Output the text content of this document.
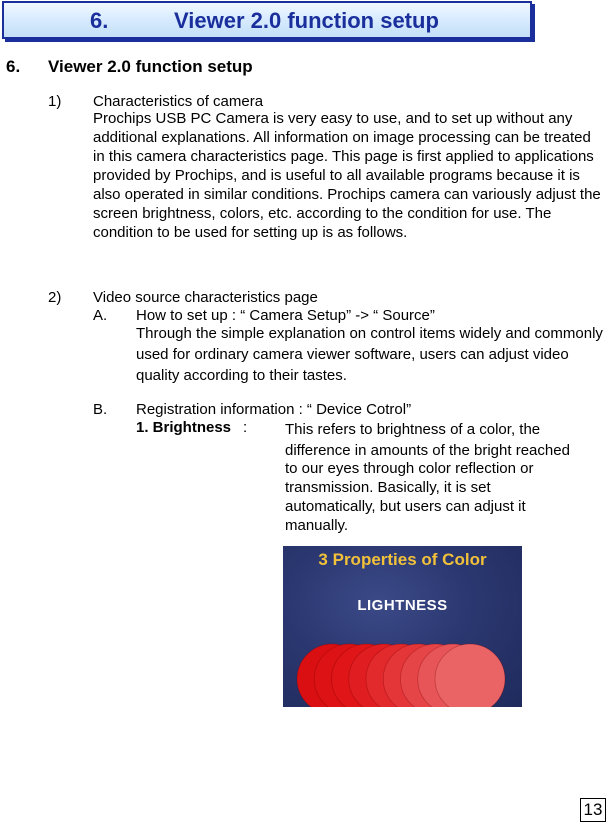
6.	Viewer 2.0 function setup
6. Viewer 2.0 function setup
1) Characteristics of camera
Prochips USB PC Camera is very easy to use, and to set up without any additional explanations. All information on image processing can be treated in this camera characteristics page. This page is first applied to applications provided by Prochips, and is useful to all available programs because it is also operated in similar conditions. Prochips camera can variously adjust the screen brightness, colors, etc. according to the condition for use. The condition to be used for setting up is as follows.
2) Video source characteristics page
A. How to set up : “ Camera Setup” -> “ Source”
Through the simple explanation on control items widely and commonly used for ordinary camera viewer software, users can adjust video quality according to their tastes.
B. Registration information : “ Device Cotrol”
1. Brightness :	This refers to brightness of a color, the difference in amounts of the bright reached
to our eyes through color reflection or transmission. Basically, it is set automatically, but users can adjust it manually.
3 Properties of Color
LIGHTNESS
13
